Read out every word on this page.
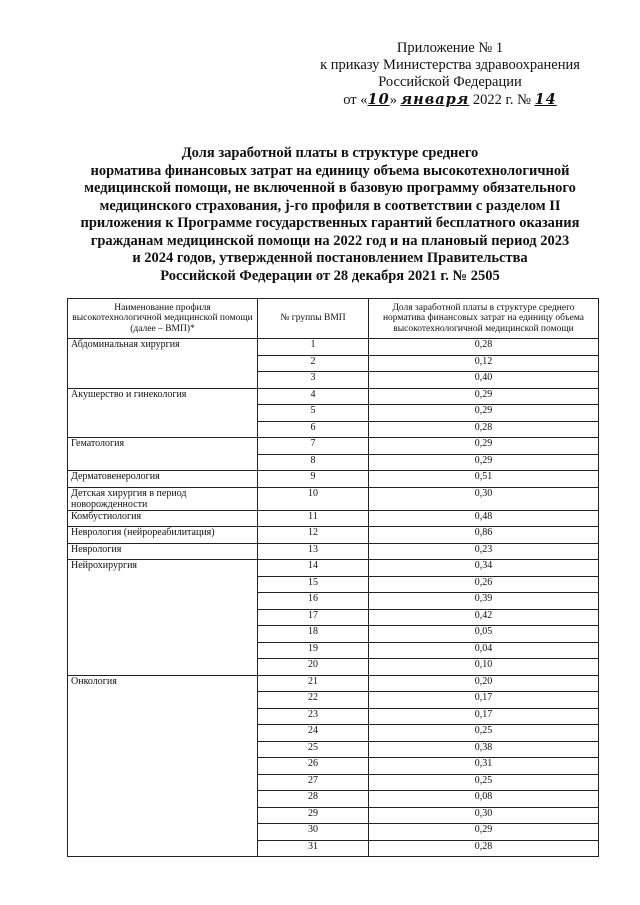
Приложение № 1
к приказу Министерства здравоохранения
Российской Федерации
от «10» января 2022 г. № 14
Доля заработной платы в структуре среднего
норматива финансовых затрат на единицу объема высокотехнологичной
медицинской помощи, не включенной в базовую программу обязательного
медицинского страхования, j-го профиля в соответствии с разделом II
приложения к Программе государственных гарантий бесплатного оказания
гражданам медицинской помощи на 2022 год и на плановый период 2023
и 2024 годов, утвержденной постановлением Правительства
Российской Федерации от 28 декабря 2021 г. № 2505
Наименование профиля высокотехнологичной медицинской помощи (далее – ВМП)*	№ группы ВМП	Доля заработной платы в структуре среднего норматива финансовых затрат на единицу объема высокотехнологичной медицинской помощи
Абдоминальная хирургия	1	0,28
	2	0,12
	3	0,40
Акушерство и гинекология	4	0,29
	5	0,29
	6	0,28
Гематология	7	0,29
	8	0,29
Дерматовенерология	9	0,51
Детская хирургия в период новорожденности	10	0,30
Комбустиология	11	0,48
Неврология (нейрореабилитация)	12	0,86
Неврология	13	0,23
Нейрохирургия	14	0,34
	15	0,26
	16	0,39
	17	0,42
	18	0,05
	19	0,04
	20	0,10
Онкология	21	0,20
	22	0,17
	23	0,17
	24	0,25
	25	0,38
	26	0,31
	27	0,25
	28	0,08
	29	0,30
	30	0,29
	31	0,28
